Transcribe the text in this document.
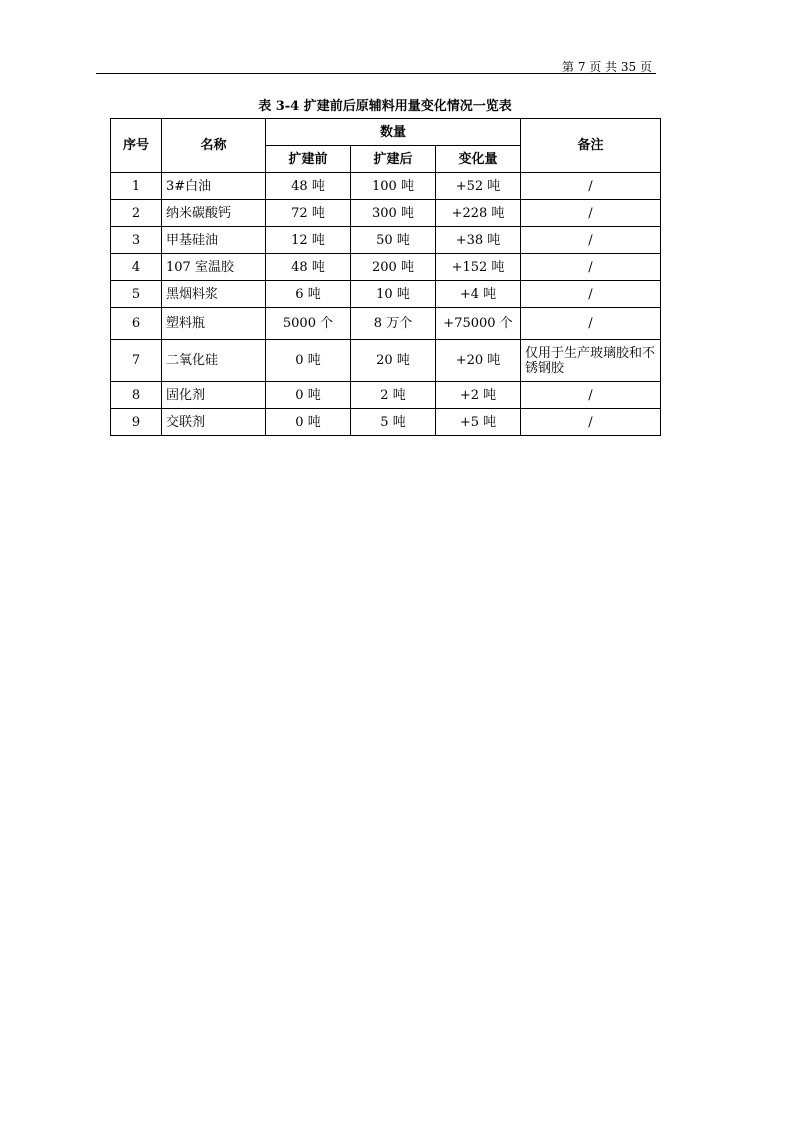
第 7 页 共 35 页
表 3-4 扩建前后原辅料用量变化情况一览表
序号	名称	数量			备注
		扩建前	扩建后	变化量	
1	3#白油	48 吨	100 吨	+52 吨	/
2	纳米碳酸钙	72 吨	300 吨	+228 吨	/
3	甲基硅油	12 吨	50 吨	+38 吨	/
4	107 室温胶	48 吨	200 吨	+152 吨	/
5	黑烟料浆	6 吨	10 吨	+4 吨	/
6	塑料瓶	5000 个	8 万个	+75000 个	/
7	二氧化硅	0 吨	20 吨	+20 吨	仅用于生产玻璃胶和不锈钢胶
8	固化剂	0 吨	2 吨	+2 吨	/
9	交联剂	0 吨	5 吨	+5 吨	/
